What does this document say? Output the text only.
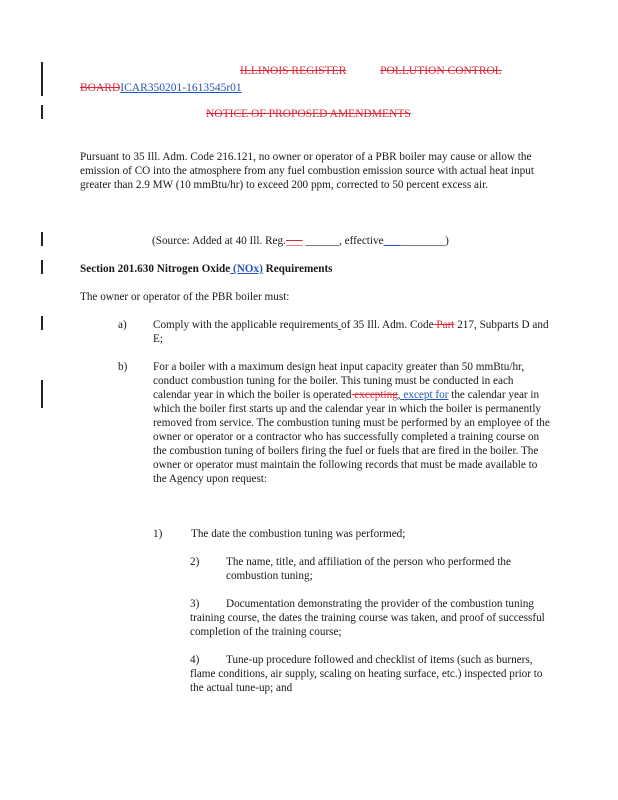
ILLINOIS REGISTER	POLLUTION CONTROL
BOARDICAR350201-1613545r01
NOTICE OF PROPOSED AMENDMENTS

Pursuant to 35 Ill. Adm. Code 216.121, no owner or operator of a PBR boiler may cause or allow the emission of CO into the atmosphere from any fuel combustion emission source with actual heat input greater than 2.9 MW (10 mmBtu/hr) to exceed 200 ppm, corrected to 50 percent excess air.

(Source: Added at 40 Ill. Reg.___ ______, effective___________)
Section 201.630 Nitrogen Oxide (NOx) Requirements

The owner or operator of the PBR boiler must:

a) Comply with the applicable requirements of 35 Ill. Adm. Code Part 217, Subparts D and E;

b) For a boiler with a maximum design heat input capacity greater than 50 mmBtu/hr, conduct combustion tuning for the boiler. This tuning must be conducted in each calendar year in which the boiler is operated excepting, except for the calendar year in which the boiler first starts up and the calendar year in which the boiler is permanently removed from service. The combustion tuning must be performed by an employee of the owner or operator or a contractor who has successfully completed a training course on the combustion tuning of boilers firing the fuel or fuels that are fired in the boiler. The owner or operator must maintain the following records that must be made available to the Agency upon request:

1)	The date the combustion tuning was performed;

2) The name, title, and affiliation of the person who performed the combustion tuning;

3) Documentation demonstrating the provider of the combustion tuning training course, the dates the training course was taken, and proof of successful completion of the training course;

4) Tune-up procedure followed and checklist of items (such as burners, flame conditions, air supply, scaling on heating surface, etc.) inspected prior to the actual tune-up; and
